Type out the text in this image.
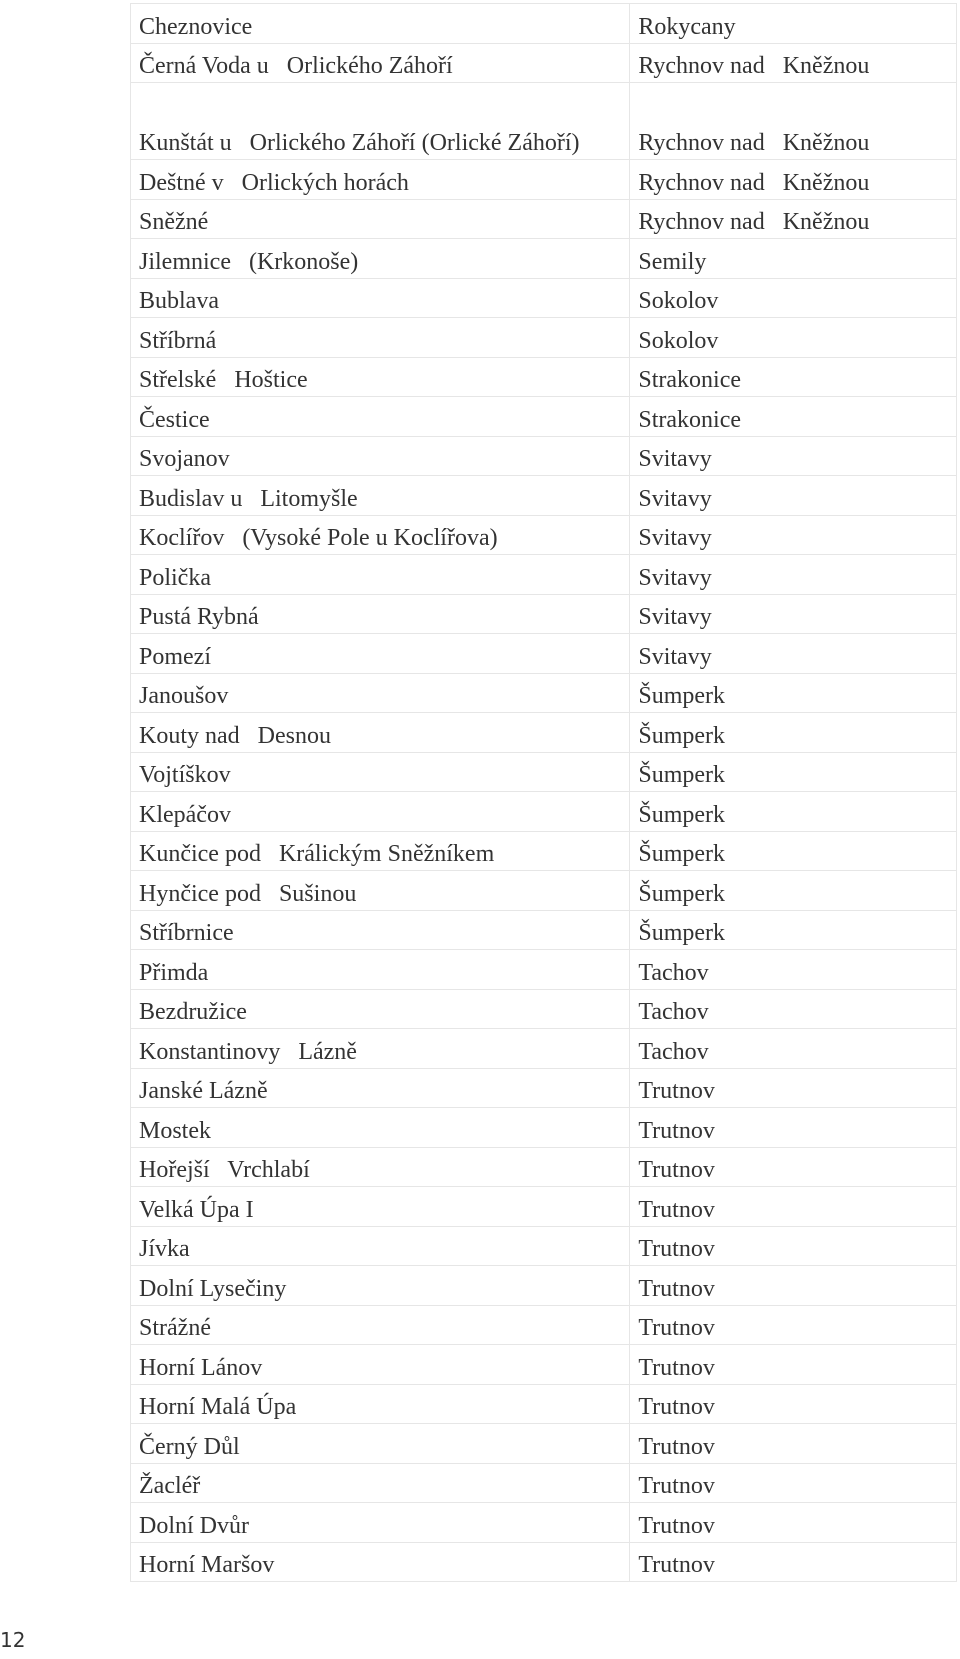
Cheznovice	Rokycany
Černá Voda u   Orlického Záhoří	Rychnov nad   Kněžnou
Kunštát u   Orlického Záhoří (Orlické Záhoří)	Rychnov nad   Kněžnou
Deštné v   Orlických horách	Rychnov nad   Kněžnou
Sněžné	Rychnov nad   Kněžnou
Jilemnice   (Krkonoše)	Semily
Bublava	Sokolov
Stříbrná	Sokolov
Střelské   Hoštice	Strakonice
Čestice	Strakonice
Svojanov	Svitavy
Budislav u   Litomyšle	Svitavy
Koclířov   (Vysoké Pole u Koclířova)	Svitavy
Polička	Svitavy
Pustá Rybná	Svitavy
Pomezí	Svitavy
Janoušov	Šumperk
Kouty nad   Desnou	Šumperk
Vojtíškov	Šumperk
Klepáčov	Šumperk
Kunčice pod   Králickým Sněžníkem	Šumperk
Hynčice pod   Sušinou	Šumperk
Stříbrnice	Šumperk
Přimda	Tachov
Bezdružice	Tachov
Konstantinovy   Lázně	Tachov
Janské Lázně	Trutnov
Mostek	Trutnov
Hořejší   Vrchlabí	Trutnov
Velká Úpa I	Trutnov
Jívka	Trutnov
Dolní Lysečiny	Trutnov
Strážné	Trutnov
Horní Lánov	Trutnov
Horní Malá Úpa	Trutnov
Černý Důl	Trutnov
Žacléř	Trutnov
Dolní Dvůr	Trutnov
Horní Maršov	Trutnov
12
